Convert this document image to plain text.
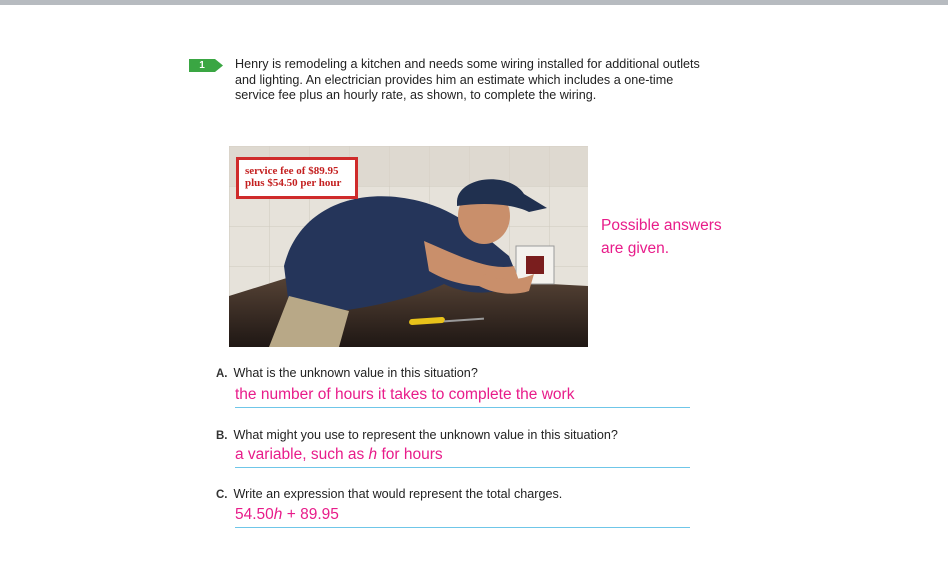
1	Henry is remodeling a kitchen and needs some wiring installed for additional outlets and lighting. An electrician provides him an estimate which includes a one-time service fee plus an hourly rate, as shown, to complete the wiring.
service fee of $89.95
plus $54.50 per hour
Possible answers
are given.
A. What is the unknown value in this situation?
the number of hours it takes to complete the work
B. What might you use to represent the unknown value in this situation?
a variable, such as h for hours
C. Write an expression that would represent the total charges.
54.50h + 89.95
